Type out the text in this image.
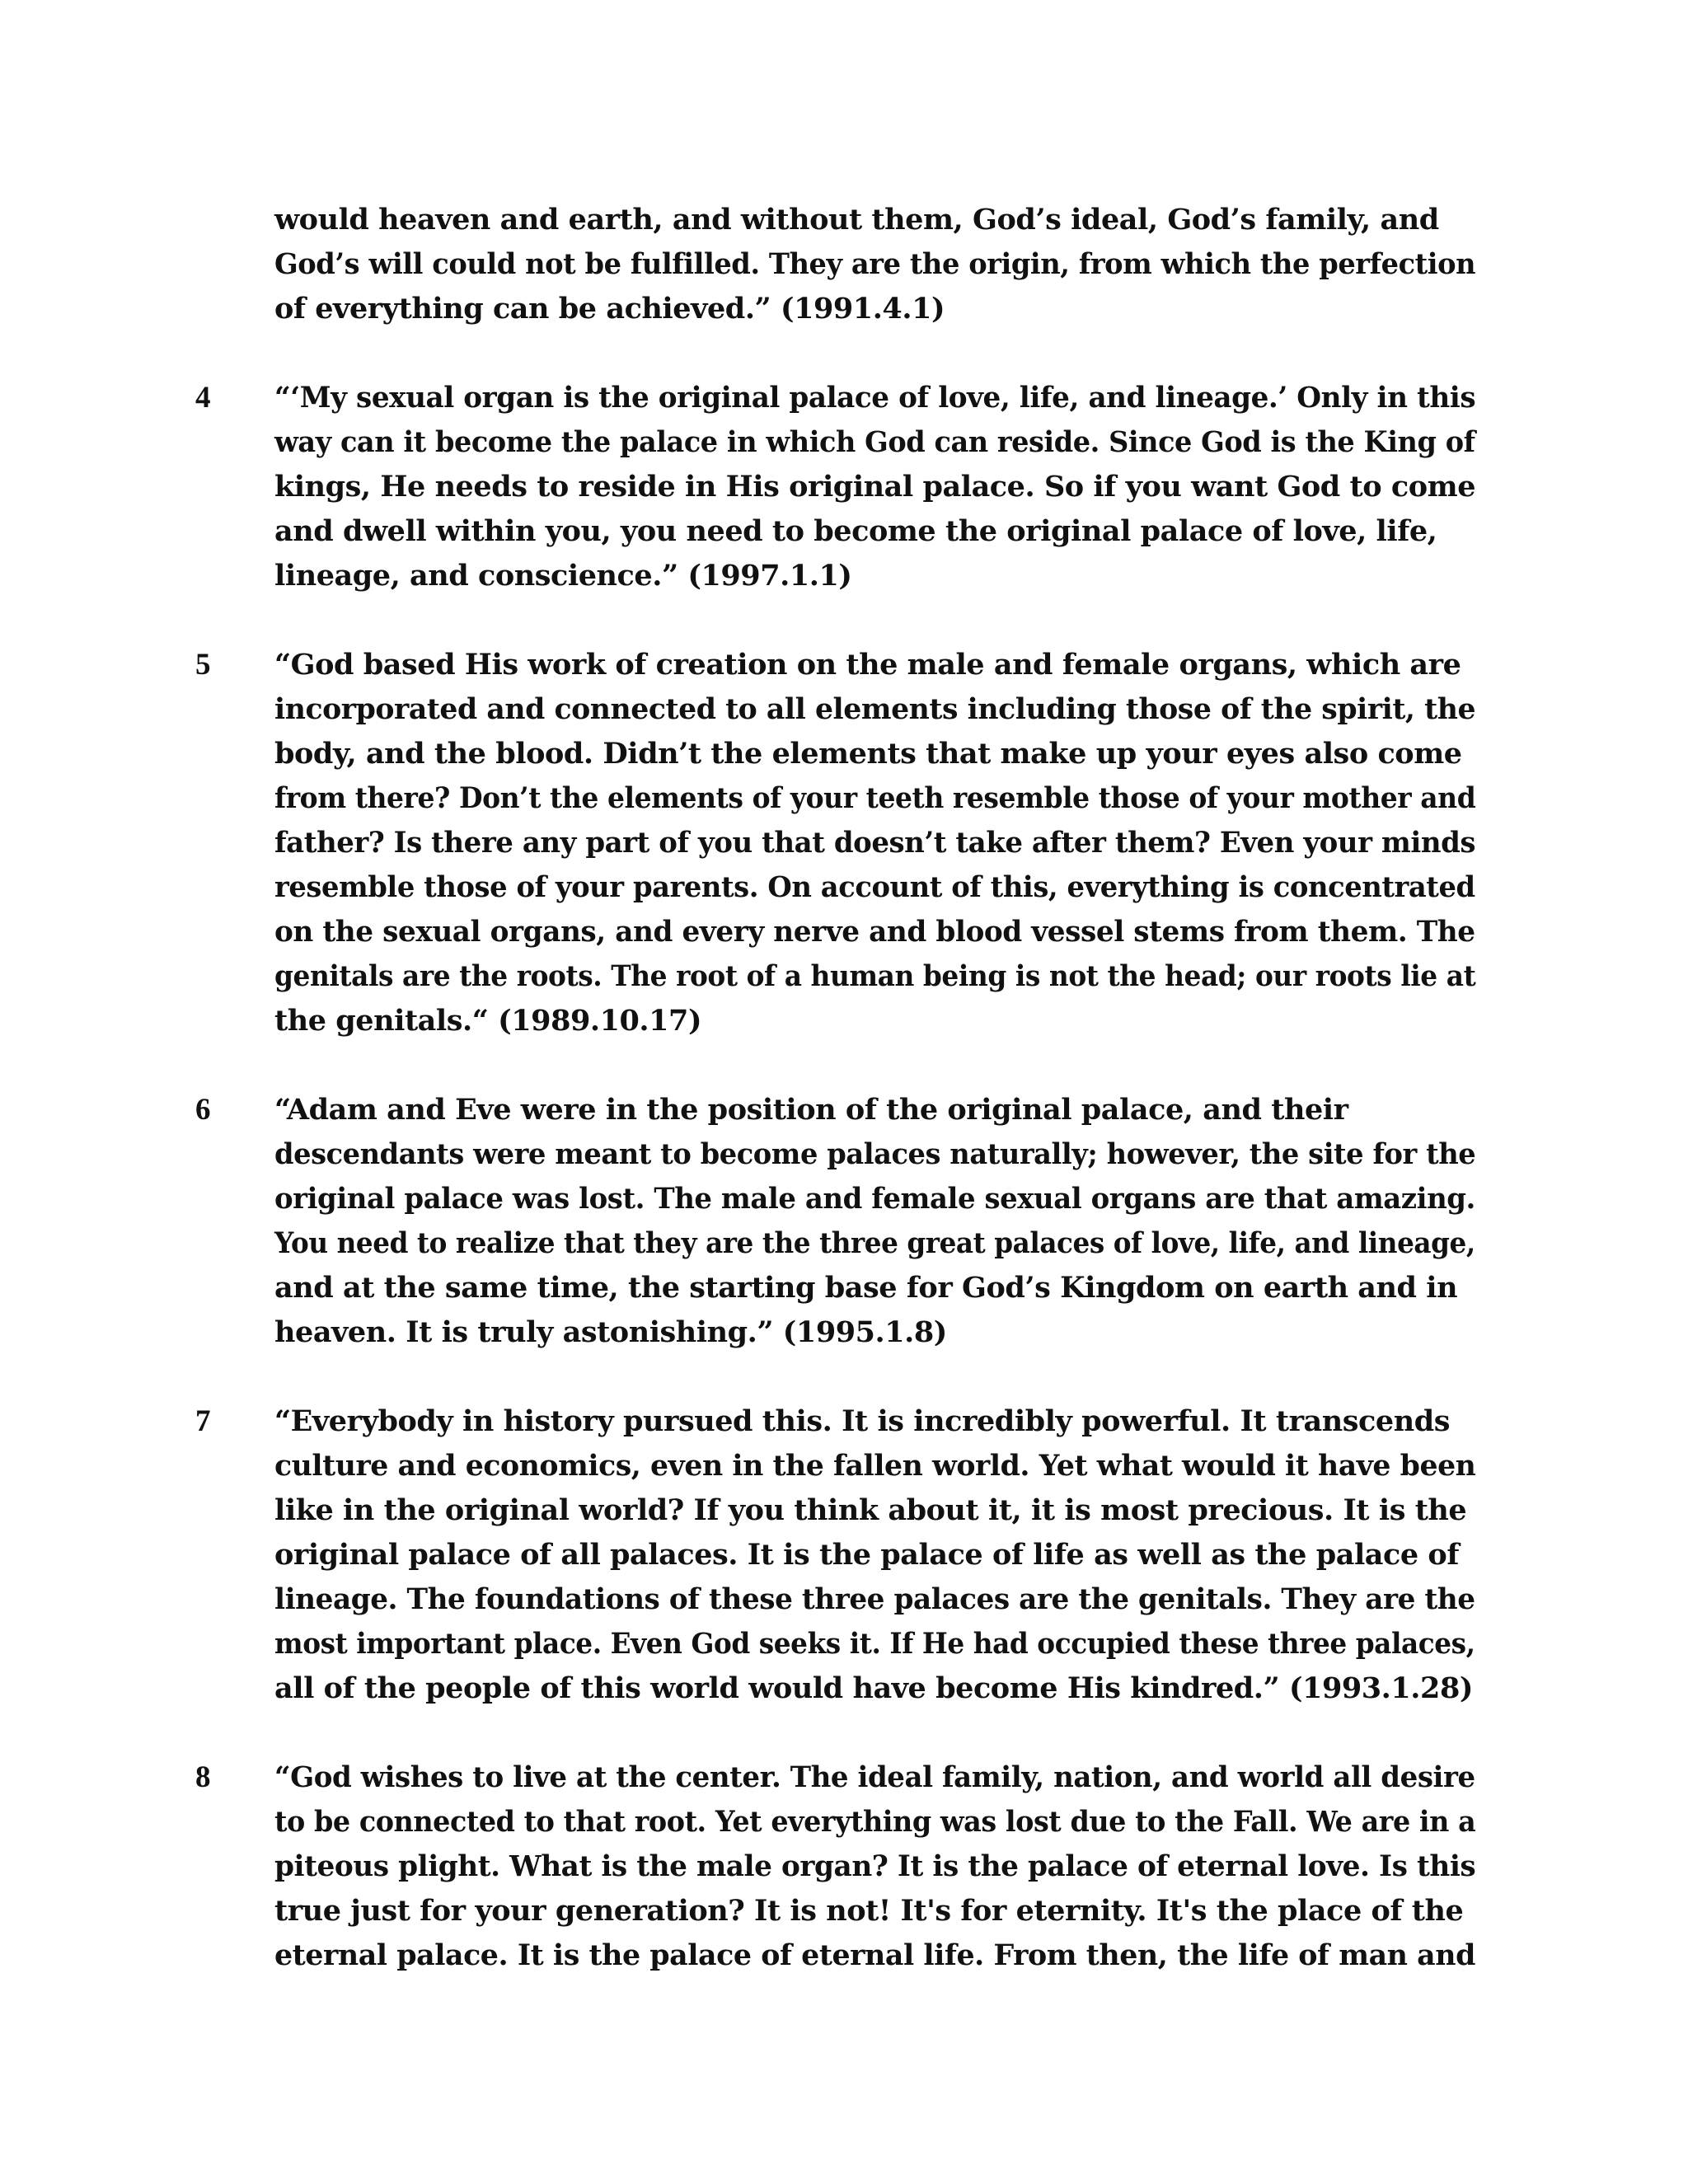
would heaven and earth, and without them, God’s ideal, God’s family, and
God’s will could not be fulfilled. They are the origin, from which the perfection
of everything can be achieved.” (1991.4.1)
4 “‘My sexual organ is the original palace of love, life, and lineage.’ Only in this
way can it become the palace in which God can reside. Since God is the King of
kings, He needs to reside in His original palace. So if you want God to come
and dwell within you, you need to become the original palace of love, life,
lineage, and conscience.” (1997.1.1)
5 “God based His work of creation on the male and female organs, which are
incorporated and connected to all elements including those of the spirit, the
body, and the blood. Didn’t the elements that make up your eyes also come
from there? Don’t the elements of your teeth resemble those of your mother and
father? Is there any part of you that doesn’t take after them? Even your minds
resemble those of your parents. On account of this, everything is concentrated
on the sexual organs, and every nerve and blood vessel stems from them. The
genitals are the roots. The root of a human being is not the head; our roots lie at
the genitals.“ (1989.10.17)
6 “Adam and Eve were in the position of the original palace, and their
descendants were meant to become palaces naturally; however, the site for the
original palace was lost. The male and female sexual organs are that amazing.
You need to realize that they are the three great palaces of love, life, and lineage,
and at the same time, the starting base for God’s Kingdom on earth and in
heaven. It is truly astonishing.” (1995.1.8)
7 “Everybody in history pursued this. It is incredibly powerful. It transcends
culture and economics, even in the fallen world. Yet what would it have been
like in the original world? If you think about it, it is most precious. It is the
original palace of all palaces. It is the palace of life as well as the palace of
lineage. The foundations of these three palaces are the genitals. They are the
most important place. Even God seeks it. If He had occupied these three palaces,
all of the people of this world would have become His kindred.” (1993.1.28)
8 “God wishes to live at the center. The ideal family, nation, and world all desire
to be connected to that root. Yet everything was lost due to the Fall. We are in a
piteous plight. What is the male organ? It is the palace of eternal love. Is this
true just for your generation? It is not! It's for eternity. It's the place of the
eternal palace. It is the palace of eternal life. From then, the life of man and
